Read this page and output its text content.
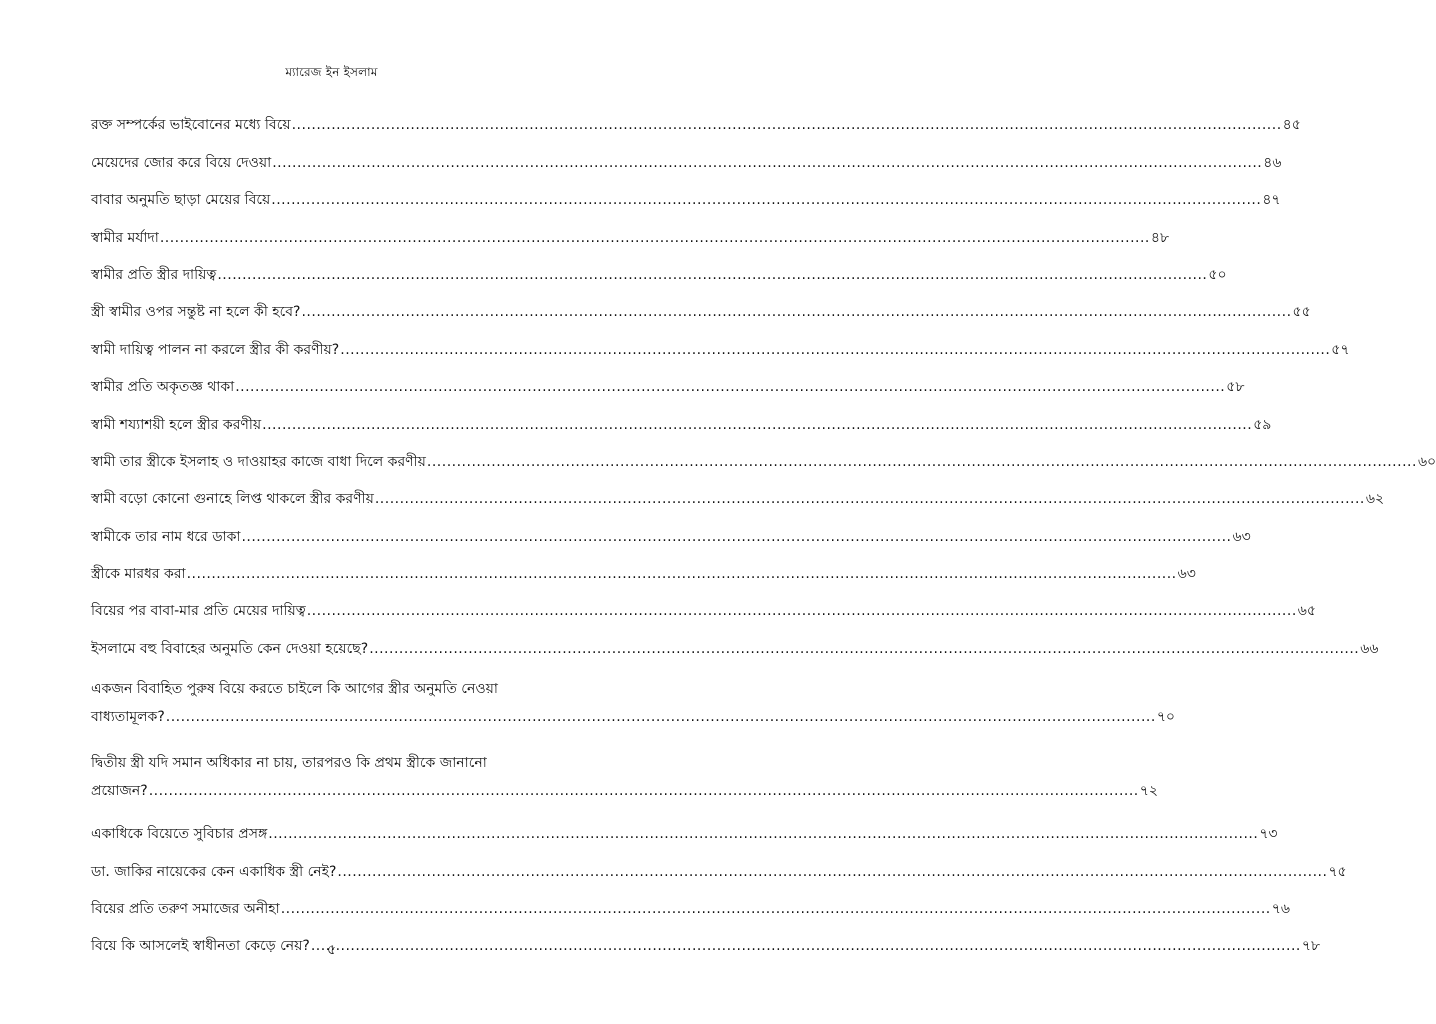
ম্যারেজ ইন ইসলাম
রক্ত সম্পর্কের ভাইবোনের মধ্যে বিয়ে .....	৪৫
মেয়েদের জোর করে বিয়ে দেওয়া .....	৪৬
বাবার অনুমতি ছাড়া মেয়ের বিয়ে .....	৪৭
স্বামীর মর্যাদা .....	৪৮
স্বামীর প্রতি স্ত্রীর দায়িত্ব .....	৫০
স্ত্রী স্বামীর ওপর সন্তুষ্ট না হলে কী হবে? .....	৫৫
স্বামী দায়িত্ব পালন না করলে স্ত্রীর কী করণীয়? .....	৫৭
স্বামীর প্রতি অকৃতজ্ঞ থাকা .....	৫৮
স্বামী শয্যাশয়ী হলে স্ত্রীর করণীয় .....	৫৯
স্বামী তার স্ত্রীকে ইসলাহ ও দাওয়াহর কাজে বাধা দিলে করণীয় .....	৬০
স্বামী বড়ো কোনো গুনাহে লিপ্ত থাকলে স্ত্রীর করণীয় .....	৬২
স্বামীকে তার নাম ধরে ডাকা .....	৬৩
স্ত্রীকে মারধর করা .....	৬৩
বিয়ের পর বাবা-মার প্রতি মেয়ের দায়িত্ব .....	৬৫
ইসলামে বহু বিবাহের অনুমতি কেন দেওয়া হয়েছে? .....	৬৬
একজন বিবাহিত পুরুষ বিয়ে করতে চাইলে কি আগের স্ত্রীর অনুমতি নেওয়া
বাধ্যতামূলক? .....	৭০
দ্বিতীয় স্ত্রী যদি সমান অধিকার না চায়, তারপরও কি প্রথম স্ত্রীকে জানানো
প্রয়োজন? .....	৭২
একাধিকে বিয়েতে সুবিচার প্রসঙ্গ .....	৭৩
ডা. জাকির নায়েকের কেন একাধিক স্ত্রী নেই? .....	৭৫
বিয়ের প্রতি তরুণ সমাজের অনীহা .....	৭৬
বিয়ে কি আসলেই স্বাধীনতা কেড়ে নেয়? .....	৭৮
৫
